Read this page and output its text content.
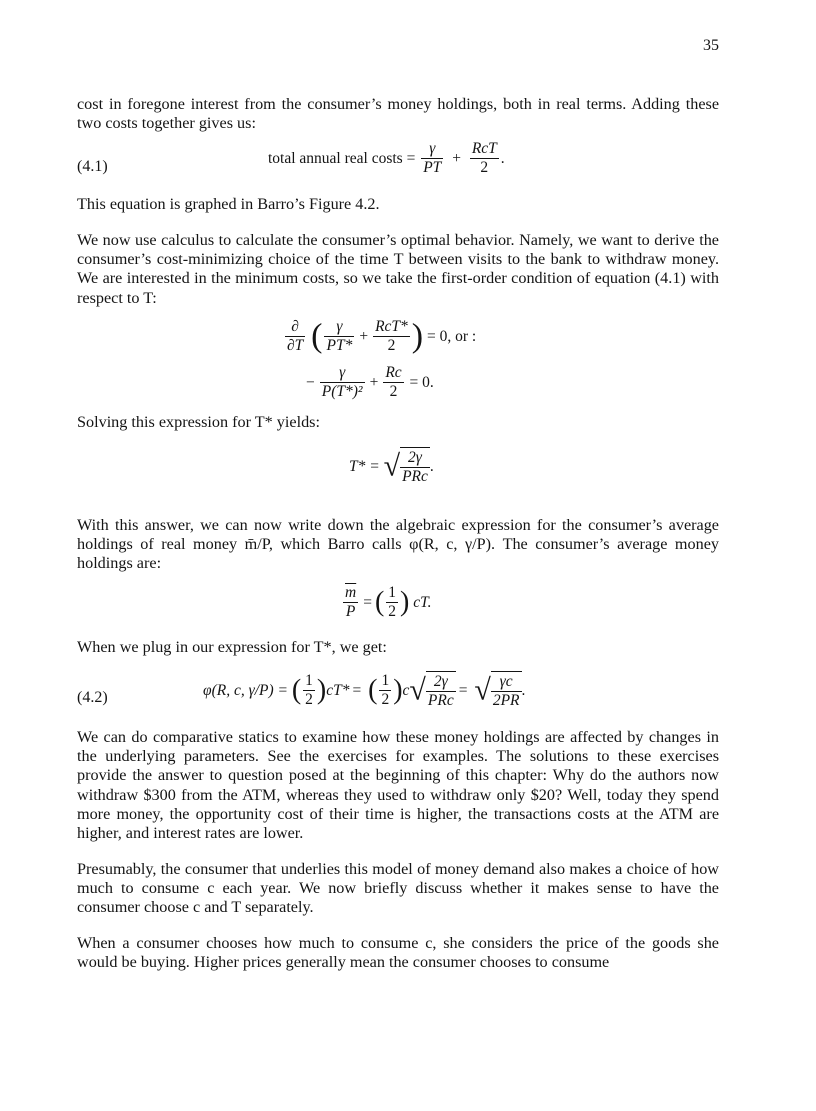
35

cost in foregone interest from the consumer’s money holdings, both in real terms. Adding these two costs together gives us:

(4.1)	total annual real costs = $\frac{\gamma}{PT} + \frac{\text{RcT}}{2}$ .

This equation is graphed in Barro’s Figure 4.2.

We now use calculus to calculate the consumer’s optimal behavior. Namely, we want to derive the consumer’s cost-minimizing choice of the time T between visits to the bank to withdraw money. We are interested in the minimum costs, so we take the first-order condition of equation (4.1) with respect to T:

$\frac{\partial}{\partial T}$ ( $\frac{\gamma}{PT*} + \frac{\text{RcT*}}{2}$ ) = 0, or :
− $\frac{\gamma}{\text{P(T*)²}} + \frac{Rc}{2} = 0$.

Solving this expression for T* yields:

T* = √ $\frac{2\gamma}{\text{PRc}}$ .

With this answer, we can now write down the algebraic expression for the consumer’s average holdings of real money m̄/P, which Barro calls φ(R, c, γ/P). The consumer’s average money holdings are:

$\frac{\overline{m}}{P}$ = ( $\frac{1}{2}$ ) cT.

When we plug in our expression for T*, we get:

(4.2)	φ(R, c, γ/P) = ( $\frac{1}{2} )cT*$ = ( $\frac{1}{2} )c√ \frac{2\gamma}{\text{PRc}}$ = √ $\frac{\gamma c}{2PR}$ .

We can do comparative statics to examine how these money holdings are affected by changes in the underlying parameters. See the exercises for examples. The solutions to these exercises provide the answer to question posed at the beginning of this chapter: Why do the authors now withdraw $300 from the ATM, whereas they used to withdraw only $20? Well, today they spend more money, the opportunity cost of their time is higher, the transactions costs at the ATM are higher, and interest rates are lower.

Presumably, the consumer that underlies this model of money demand also makes a choice of how much to consume c each year. We now briefly discuss whether it makes sense to have the consumer choose c and T separately.

When a consumer chooses how much to consume c, she considers the price of the goods she would be buying. Higher prices generally mean the consumer chooses to consume
